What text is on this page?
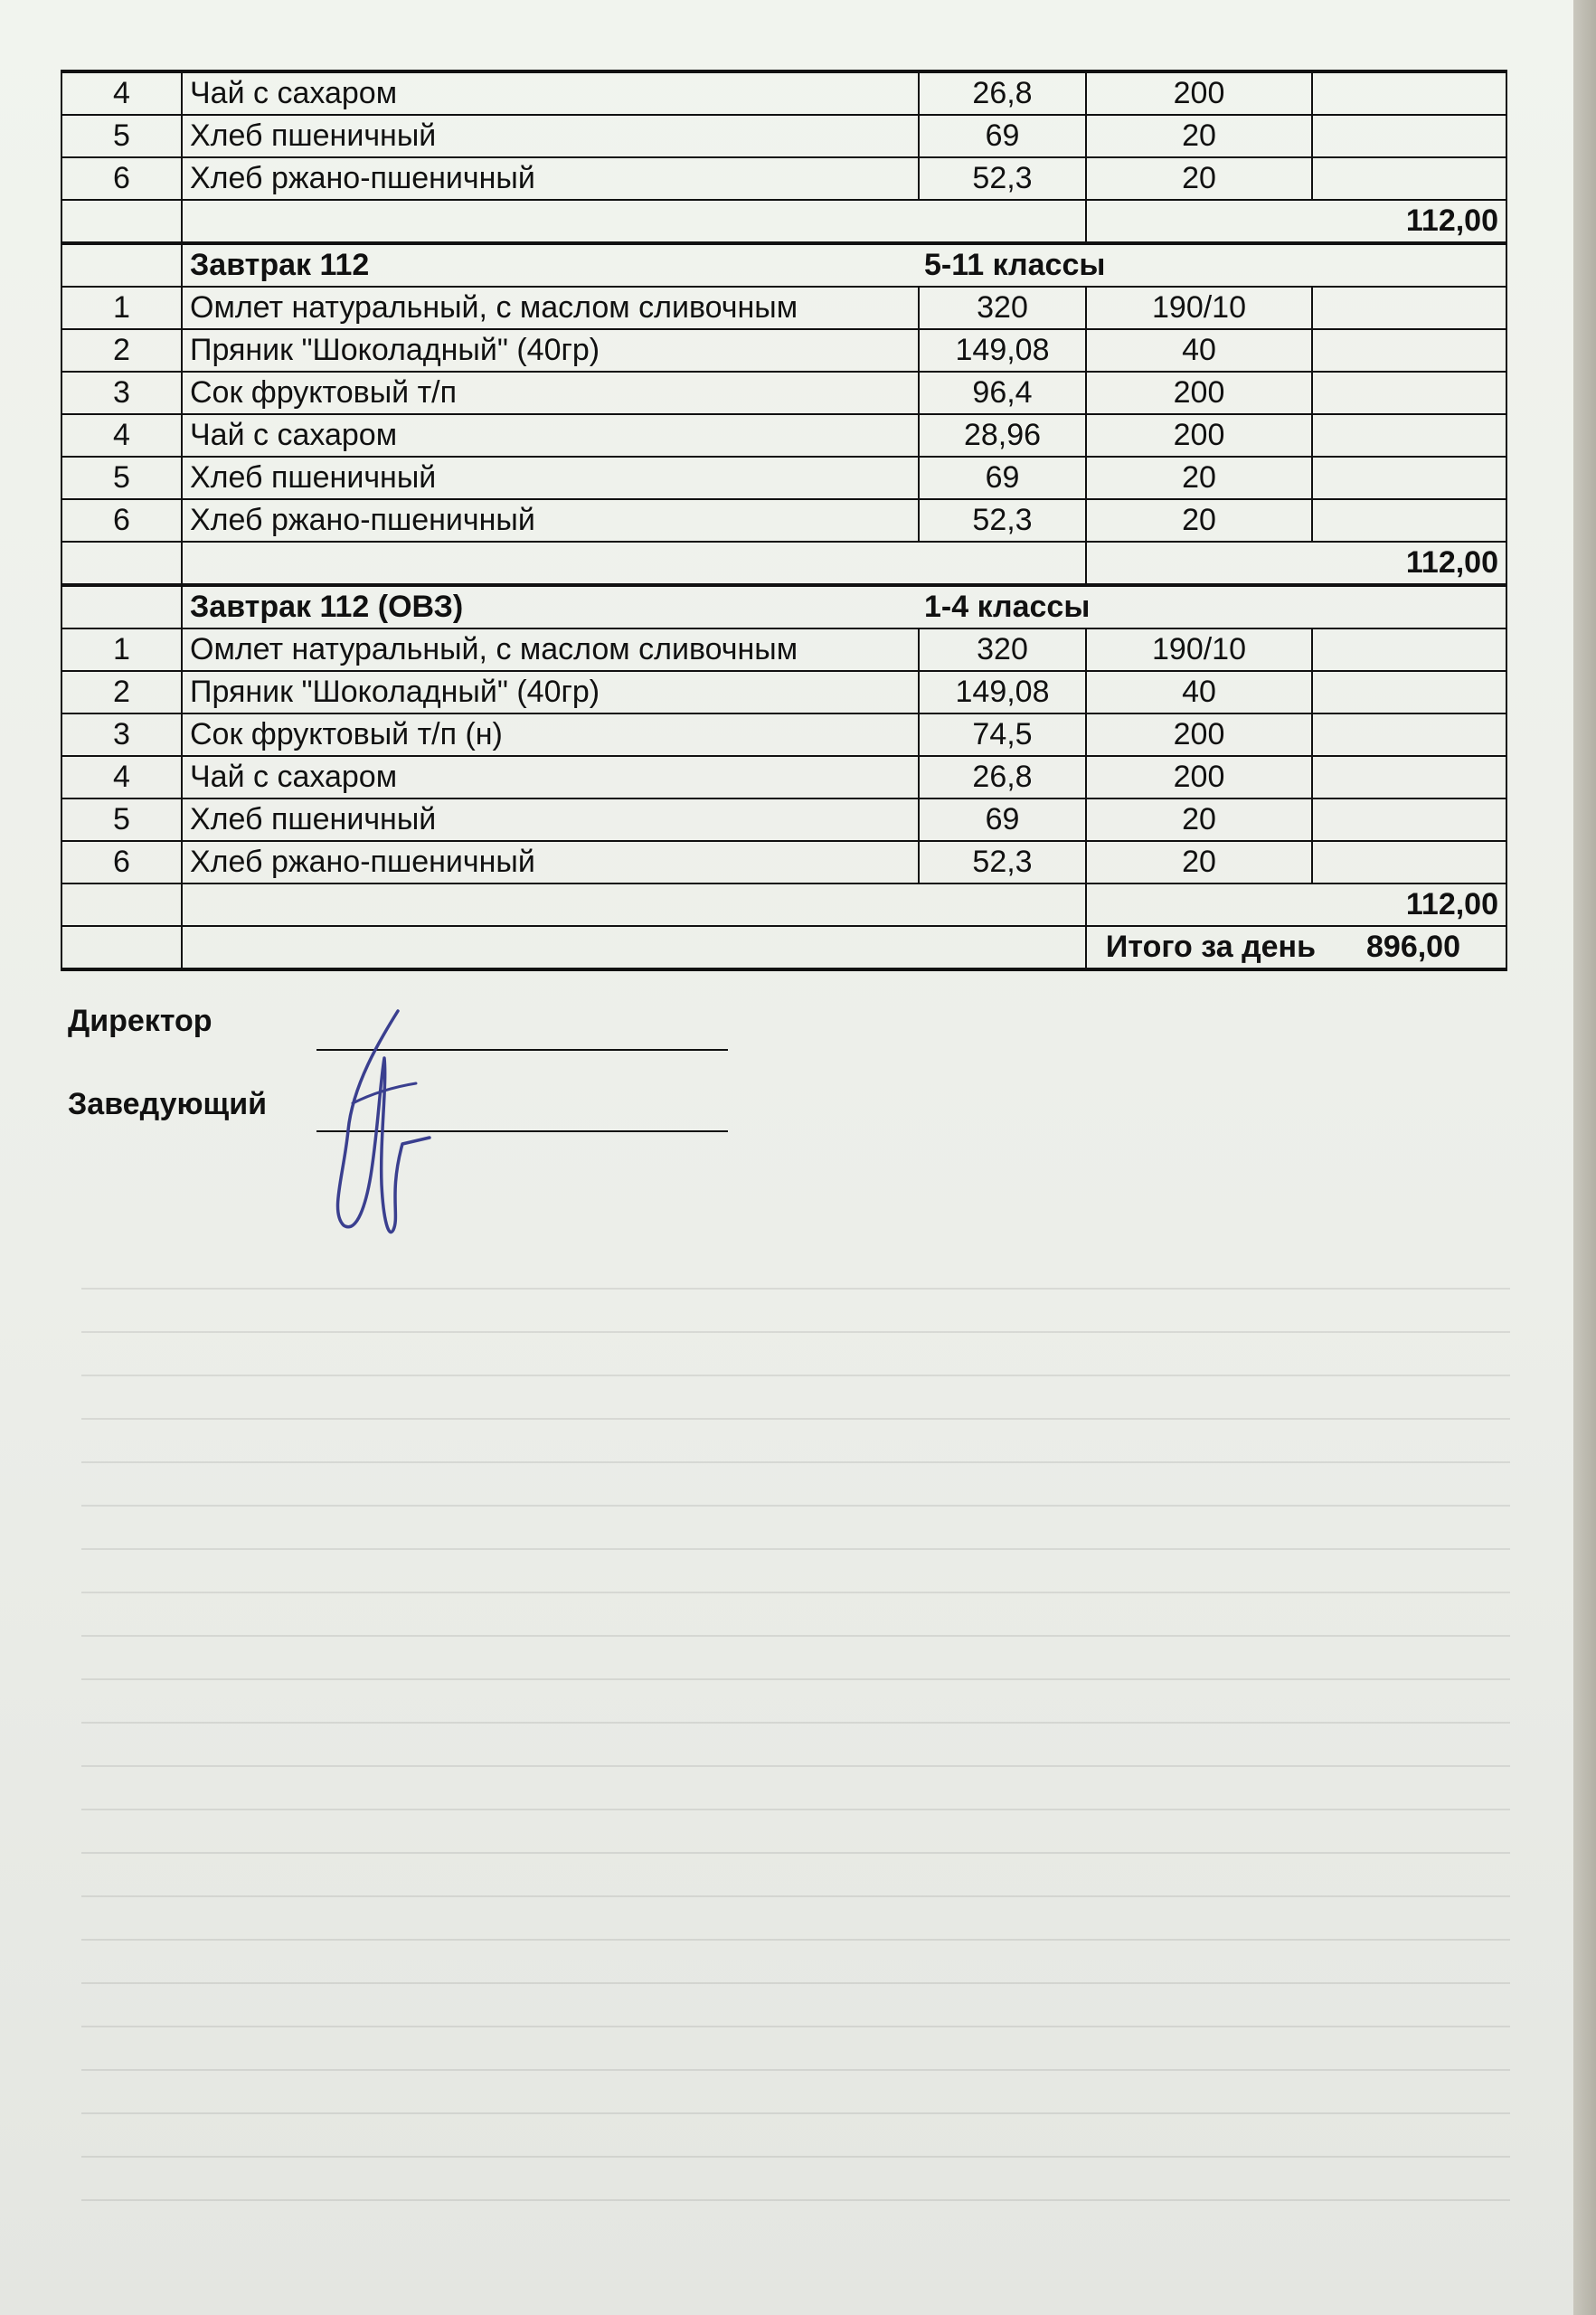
4	Чай с сахаром	26,8	200	
5	Хлеб пшеничный	69	20	
6	Хлеб ржано-пшеничный	52,3	20	
			112,00	
	Завтрак 112 5-11 классы			

1	Омлет натуральный, с маслом сливочным	320	190/10	
2	Пряник "Шоколадный" (40гр)	149,08	40	
3	Сок фруктовый т/п	96,4	200	
4	Чай с сахаром	28,96	200	
5	Хлеб пшеничный	69	20	
6	Хлеб ржано-пшеничный	52,3	20	
			112,00	
	Завтрак 112 (ОВЗ) 1-4 классы			

1	Омлет натуральный, с маслом сливочным	320	190/10	
2	Пряник "Шоколадный" (40гр)	149,08	40	
3	Сок фруктовый т/п (н)	74,5	200	
4	Чай с сахаром	26,8	200	
5	Хлеб пшеничный	69	20	
6	Хлеб ржано-пшеничный	52,3	20	
			112,00	
			Итого за день 896,00	
Директор
Заведующий
